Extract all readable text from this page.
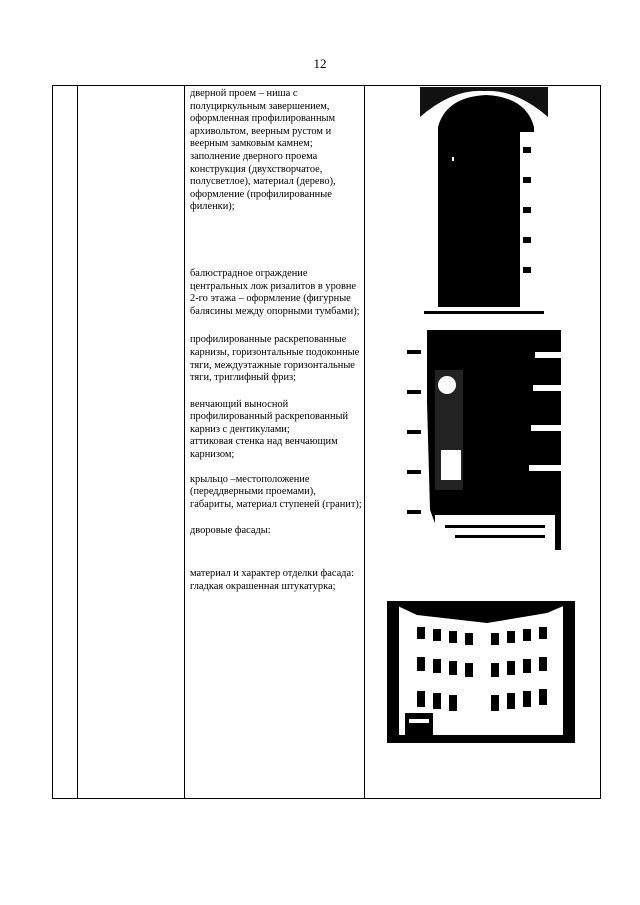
12

дверной проем – ниша с полуциркульным завершением, оформленная профилированным архивольтом, веерным рустом и веерным замковым камнем;

заполнение дверного проема конструкция (двухстворчатое, полусветлое), материал (дерево), оформление (профилированные филенки);

балюстрадное ограждение центральных лож ризалитов в уровне 2-го этажа – оформление (фигурные балясины между опорными тумбами);

профилированные раскрепованные карнизы, горизонтальные подоконные тяги, междуэтажные горизонтальные тяги, триглифный фриз;

венчающий выносной профилированный раскрепованный карниз с дентикулами;

аттиковая стенка над венчающим карнизом;

крыльцо –местоположение (переддверными проемами), габариты, материал ступеней (гранит);

дворовые фасады:

материал и характер отделки фасада:

гладкая окрашенная штукатурка;
